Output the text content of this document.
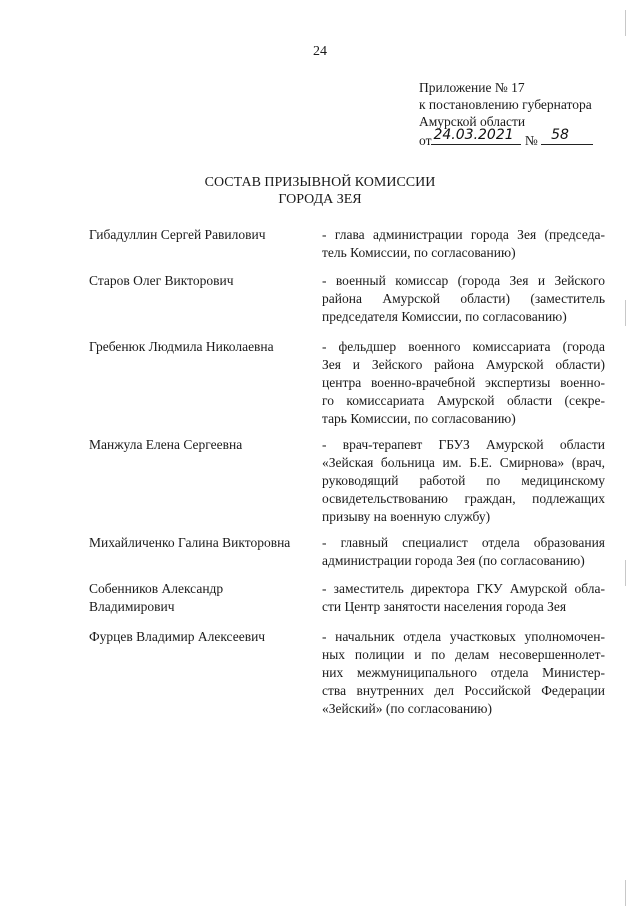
24
Приложение № 17
к постановлению губернатора
Амурской области
от 24.03.2021 № 58
СОСТАВ ПРИЗЫВНОЙ КОМИССИИ
ГОРОДА ЗЕЯ
Гибадуллин Сергей Равилович	- глава администрации города Зея (председа-
тель Комиссии, по согласованию)
Старов Олег Викторович	- военный комиссар (города Зея и Зейского
района Амурской области) (заместитель
председателя Комиссии, по согласованию)
Гребенюк Людмила Николаевна	- фельдшер военного комиссариата (города
Зея и Зейского района Амурской области)
центра военно-врачебной экспертизы военно-
го комиссариата Амурской области (секре-
тарь Комиссии, по согласованию)
Манжула Елена Сергеевна	- врач-терапевт ГБУЗ Амурской области
«Зейская больница им. Б.Е. Смирнова» (врач,
руководящий работой по медицинскому
освидетельствованию граждан, подлежащих
призыву на военную службу)
Михайличенко Галина Викторовна	- главный специалист отдела образования
администрации города Зея (по согласованию)
Собенников Александр
Владимирович
- заместитель директора ГКУ Амурской обла-
сти Центр занятости населения города Зея
Фурцев Владимир Алексеевич	- начальник отдела участковых уполномочен-
ных полиции и по делам несовершеннолет-
них межмуниципального отдела Министер-
ства внутренних дел Российской Федерации
«Зейский» (по согласованию)
